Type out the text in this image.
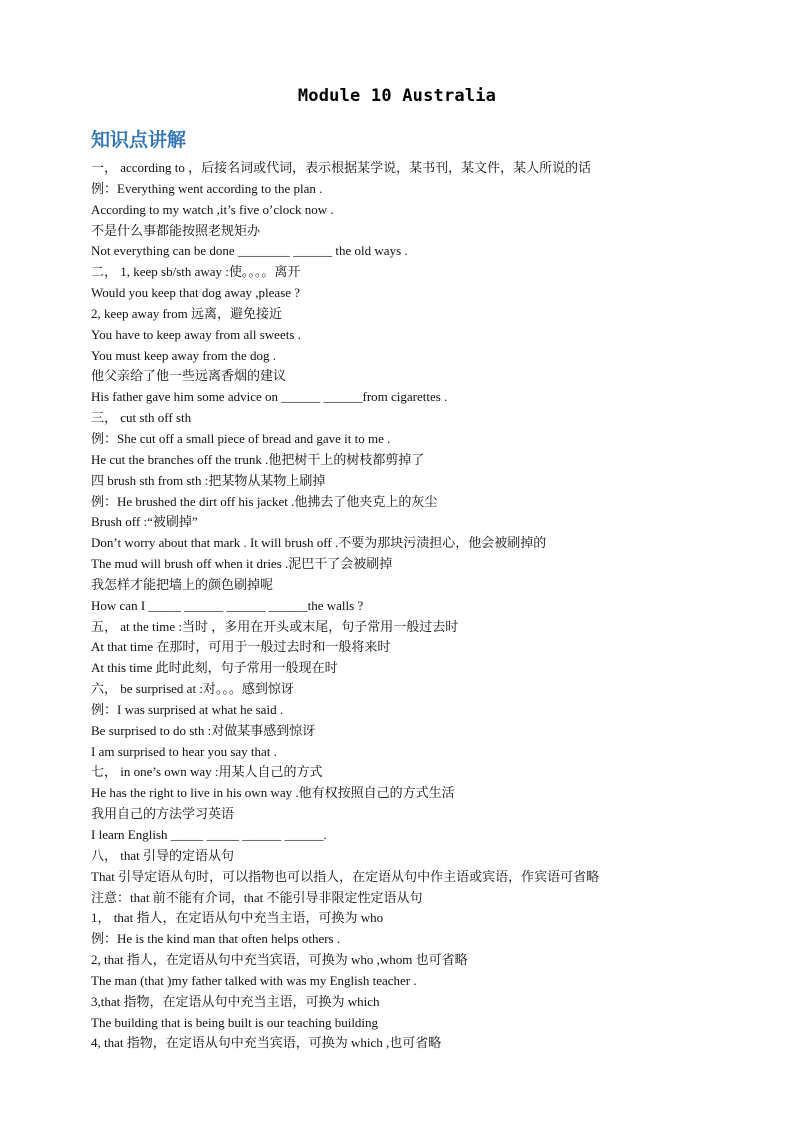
Module 10 Australia
知识点讲解
一， according to ，后接名词或代词，表示根据某学说，某书刊，某文件，某人所说的话
例：Everything went according to the plan .
According to my watch ,it’s five o’clock now .
不是什么事都能按照老规矩办
Not everything can be done ________ ______ the old ways .
二， 1, keep sb/sth away :使。。。。离开
Would you keep that dog away ,please ?
2, keep away from 远离，避免接近
You have to keep away from all sweets .
You must keep away from the dog .
他父亲给了他一些远离香烟的建议
His father gave him some advice on ______ ______from cigarettes .
三， cut sth off sth
例：She cut off a small piece of bread and gave it to me .
He cut the branches off the trunk .他把树干上的树枝都剪掉了
四 brush sth from sth :把某物从某物上刷掉
例：He brushed the dirt off his jacket .他拂去了他夹克上的灰尘
Brush off :“被刷掉”
Don’t worry about that mark . It will brush off .不要为那块污渍担心，他会被刷掉的
The mud will brush off when it dries .泥巴干了会被刷掉
我怎样才能把墙上的颜色刷掉呢
How can I _____ ______ ______ ______the walls ?
五， at the time :当时 ，多用在开头或末尾，句子常用一般过去时
At that time 在那时，可用于一般过去时和一般将来时
At this time 此时此刻，句子常用一般现在时
六， be surprised at :对。。。感到惊讶
例：I was surprised at what he said .
Be surprised to do sth :对做某事感到惊讶
I am surprised to hear you say that .
七， in one’s own way :用某人自己的方式
He has the right to live in his own way .他有权按照自己的方式生活
我用自己的方法学习英语
I learn English _____ _____ ______ ______.
八， that 引导的定语从句
That 引导定语从句时，可以指物也可以指人，在定语从句中作主语或宾语，作宾语可省略
注意：that 前不能有介词，that 不能引导非限定性定语从句
1， that 指人，在定语从句中充当主语，可换为 who
例：He is the kind man that often helps others .
2, that 指人，在定语从句中充当宾语，可换为 who ,whom 也可省略
The man (that )my father talked with was my English teacher .
3,that 指物，在定语从句中充当主语，可换为 which
The building that is being built is our teaching building
4, that 指物，在定语从句中充当宾语，可换为 which ,也可省略
